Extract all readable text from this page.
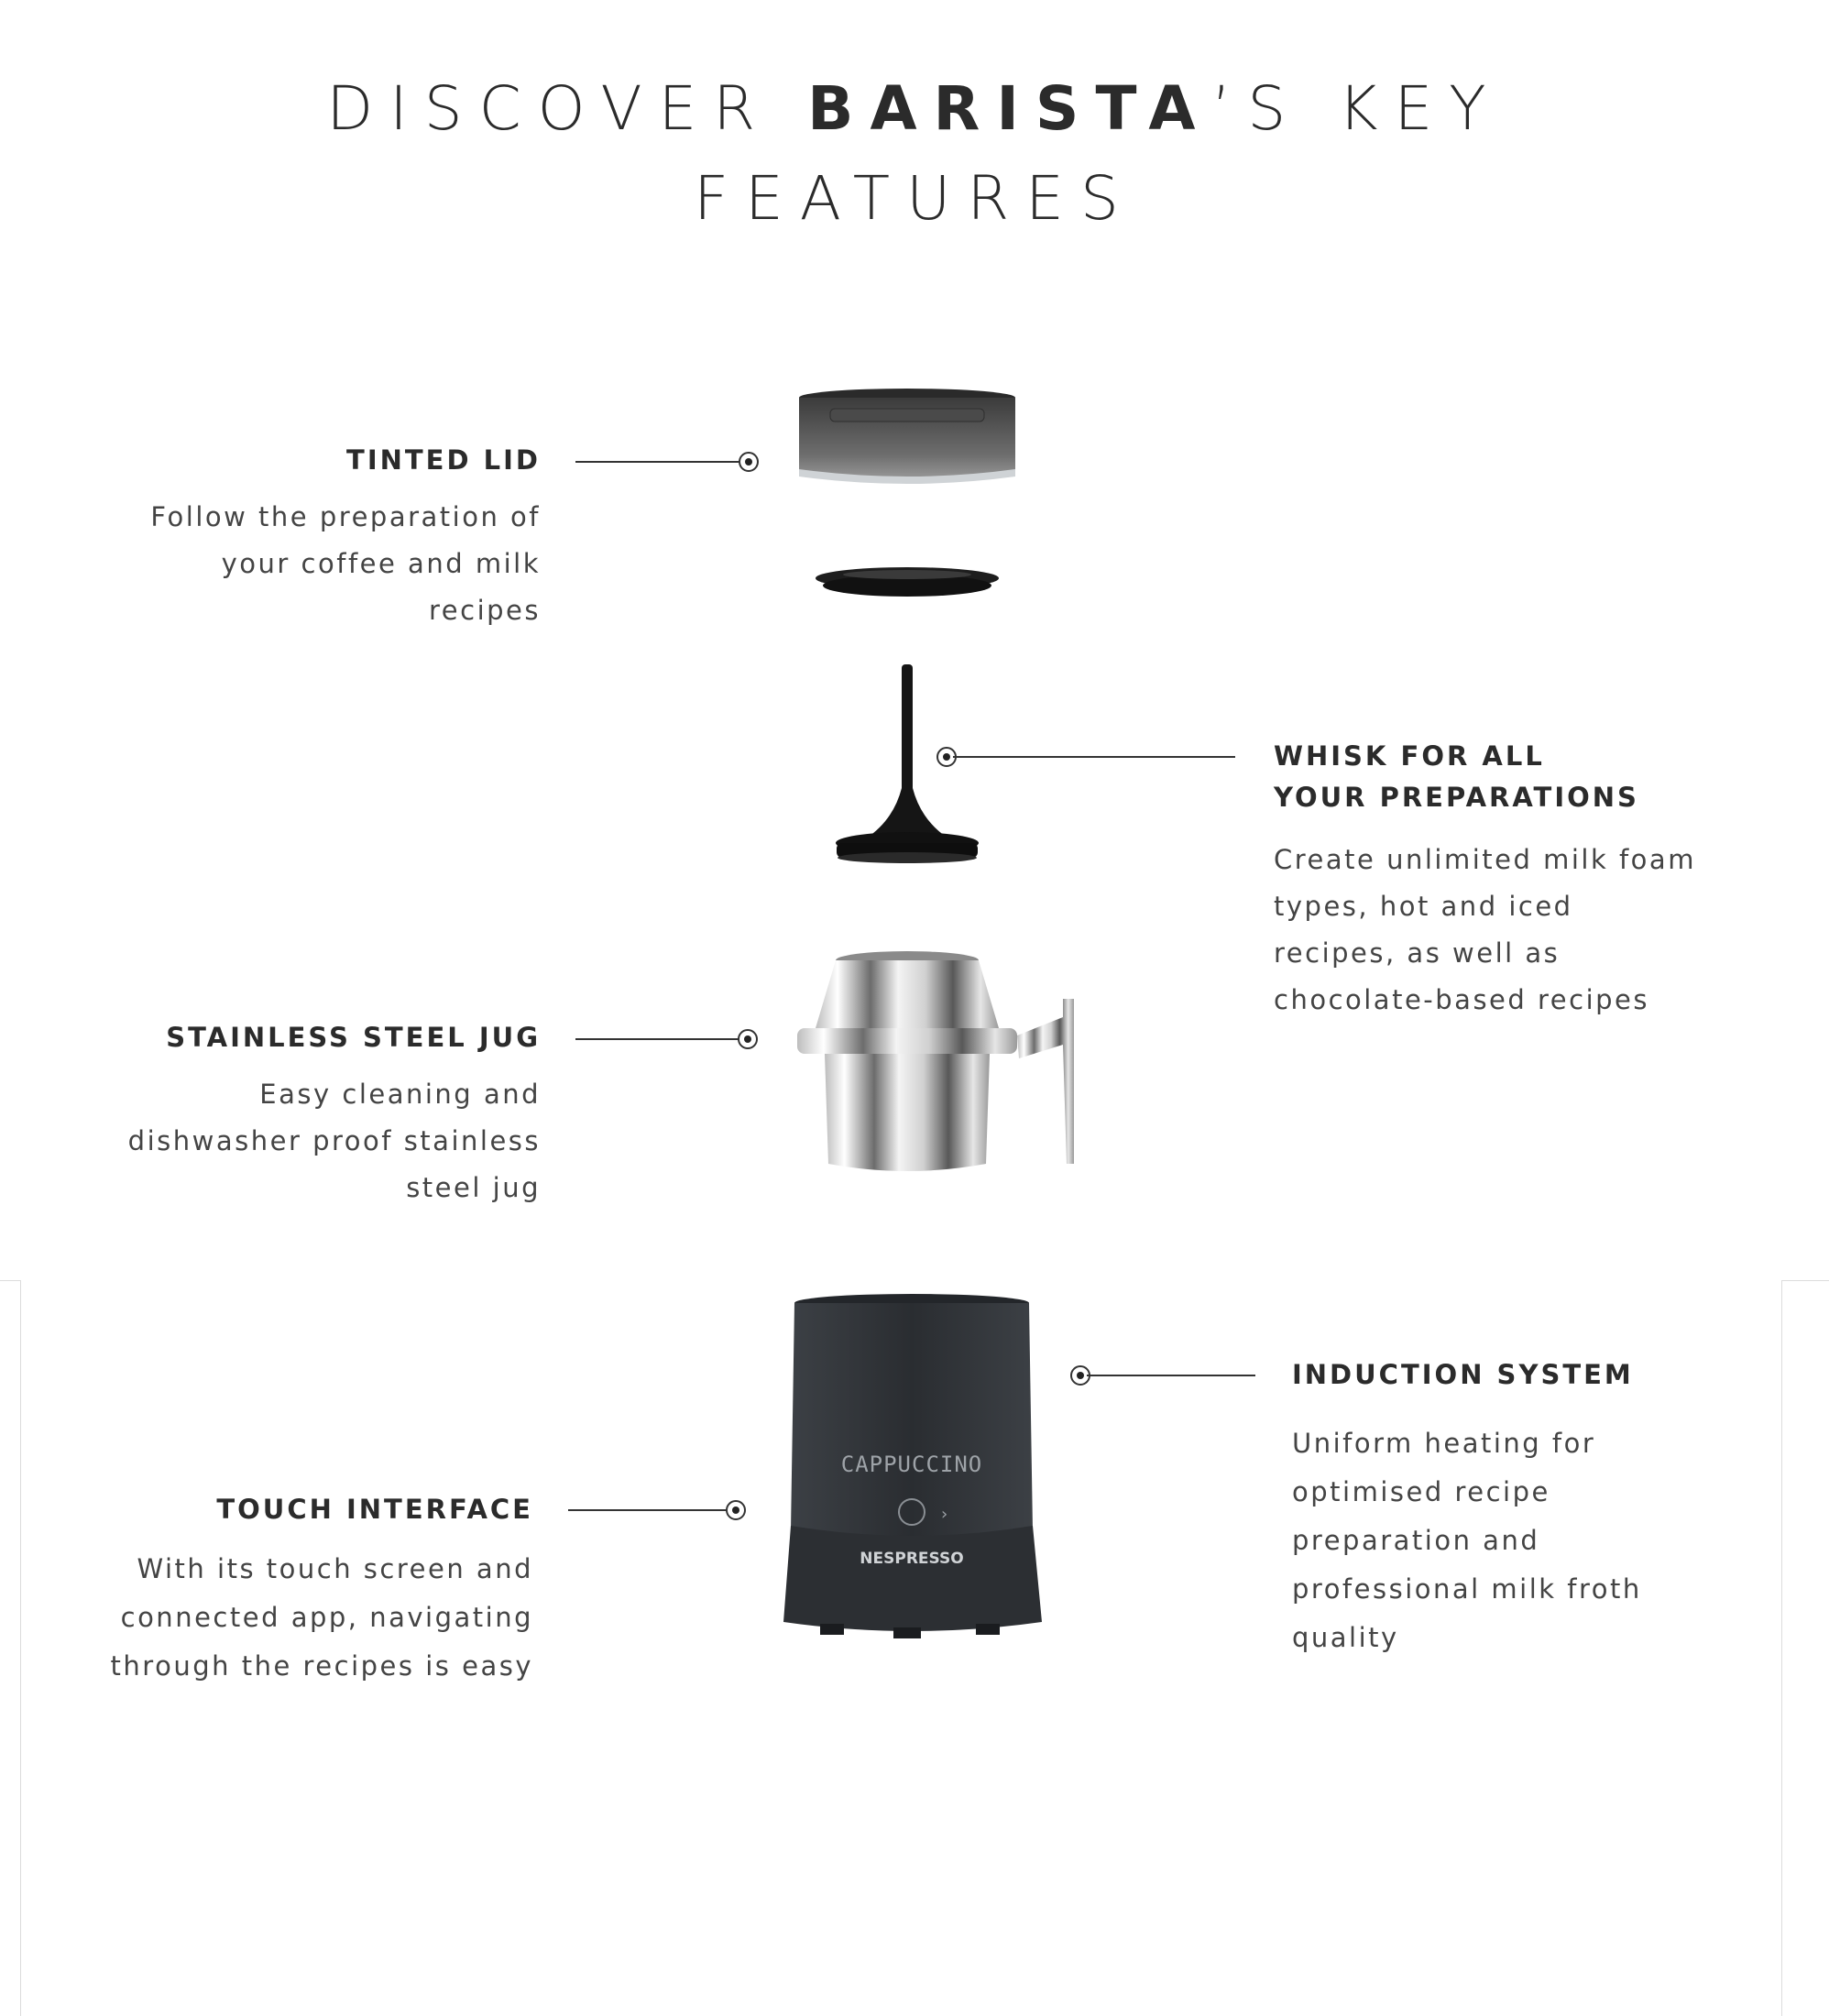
DISCOVER BARISTA’S KEY
FEATURES
CAPPUCCINO
›
NESPRESSO

TINTED LID

Follow the preparation of
your coffee and milk
recipes

WHISK FOR ALL
YOUR PREPARATIONS

Create unlimited milk foam
types, hot and iced
recipes, as well as
chocolate-based recipes

STAINLESS STEEL JUG

Easy cleaning and
dishwasher proof stainless
steel jug

INDUCTION SYSTEM

Uniform heating for
optimised recipe
preparation and
professional milk froth
quality

TOUCH INTERFACE

With its touch screen and
connected app, navigating
through the recipes is easy
